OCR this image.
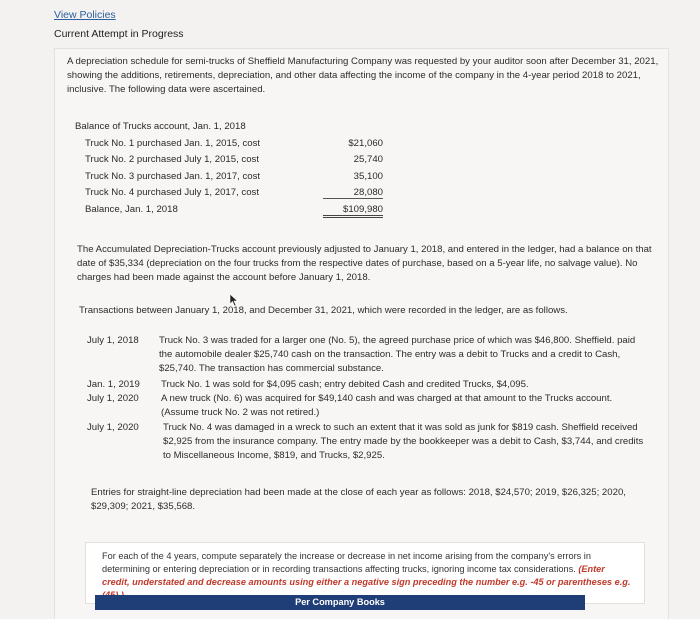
View Policies
Current Attempt in Progress
A depreciation schedule for semi-trucks of Sheffield Manufacturing Company was requested by your auditor soon after December 31, 2021, showing the additions, retirements, depreciation, and other data affecting the income of the company in the 4-year period 2018 to 2021, inclusive. The following data were ascertained.
Balance of Trucks account, Jan. 1, 2018
Truck No. 1 purchased Jan. 1, 2015, cost	$21,060
Truck No. 2 purchased July 1, 2015, cost	25,740
Truck No. 3 purchased Jan. 1, 2017, cost	35,100
Truck No. 4 purchased July 1, 2017, cost	28,080
Balance, Jan. 1, 2018	$109,980
The Accumulated Depreciation-Trucks account previously adjusted to January 1, 2018, and entered in the ledger, had a balance on that date of $35,334 (depreciation on the four trucks from the respective dates of purchase, based on a 5-year life, no salvage value). No charges had been made against the account before January 1, 2018.
Transactions between January 1, 2018, and December 31, 2021, which were recorded in the ledger, are as follows.
July 1, 2018 Truck No. 3 was traded for a larger one (No. 5), the agreed purchase price of which was $46,800. Sheffield. paid the automobile dealer $25,740 cash on the transaction. The entry was a debit to Trucks and a credit to Cash, $25,740. The transaction has commercial substance.
Jan. 1, 2019 Truck No. 1 was sold for $4,095 cash; entry debited Cash and credited Trucks, $4,095.
July 1, 2020 A new truck (No. 6) was acquired for $49,140 cash and was charged at that amount to the Trucks account. (Assume truck No. 2 was not retired.)
July 1, 2020	Truck No. 4 was damaged in a wreck to such an extent that it was sold as junk for $819 cash. Sheffield received $2,925 from the insurance company. The entry made by the bookkeeper was a debit to Cash, $3,744, and credits to Miscellaneous Income, $819, and Trucks, $2,925.
Entries for straight-line depreciation had been made at the close of each year as follows: 2018, $24,570; 2019, $26,325; 2020, $29,309; 2021, $35,568.
For each of the 4 years, compute separately the increase or decrease in net income arising from the company's errors in determining or entering depreciation or in recording transactions affecting trucks, ignoring income tax considerations. (Enter credit, understated and decrease amounts using either a negative sign preceding the number e.g. -45 or parentheses e.g.
Per Company Books
